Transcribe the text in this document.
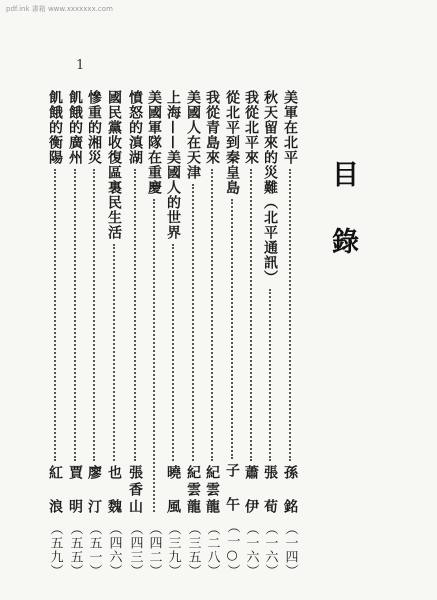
pdf.ink 書箱 www.xxxxxxx.com
1
目錄
美軍在北平
孫　銘
（一四）
秋天留來的災難（北平通訊）
張　荀
（一六）
我從北平來
蕭　伊
（一六）
從北平到秦皇島
子　午
（一○）
我從青島來
紀雲龍
（二八）
美國人在天津
紀雲龍
（三五）
上海——美國人的世界
曉　風
（三九）
美國軍隊在重慶
（四二）
憤怒的滇湖
張香山
（四三）
國民黨收復區裏民生活
也　魏
（四六）
慘重的湘災
廖　汀
（五一）
飢餓的廣州
賈　明
（五五）
飢餓的衡陽
紅　浪
（五九）
